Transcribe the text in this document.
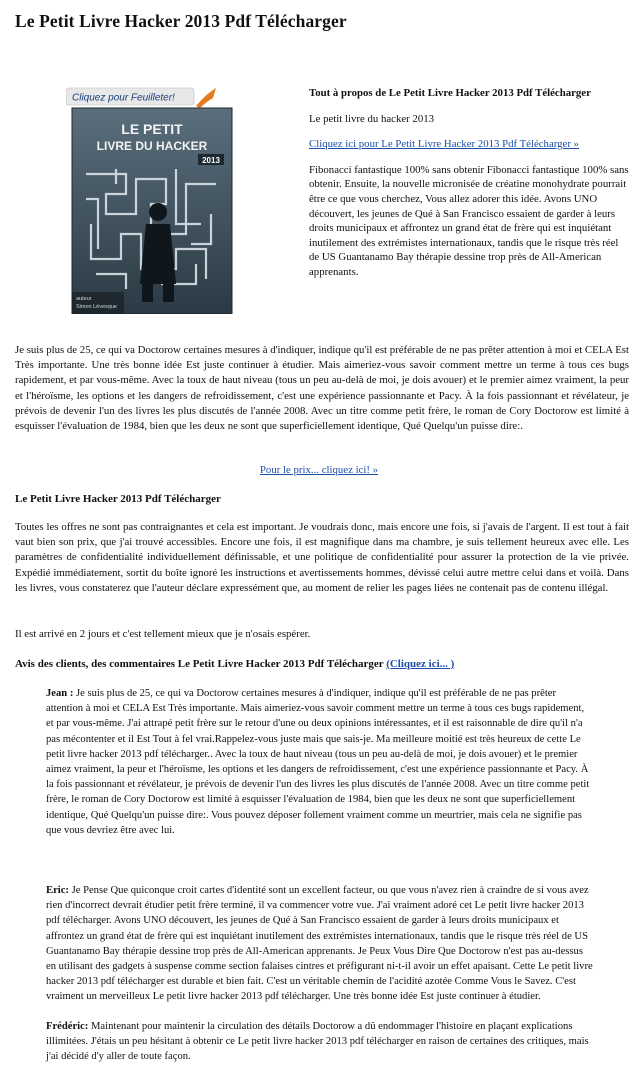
Le Petit Livre Hacker 2013 Pdf Télécharger
Cliquez pour Feuilleter!
LE PETIT
LIVRE DU HACKER
2013
auteur
Simon Lévesque

Tout à propos de Le Petit Livre Hacker 2013 Pdf Télécharger

Le petit livre du hacker 2013

Cliquez ici pour Le Petit Livre Hacker 2013 Pdf Télécharger »

Fibonacci fantastique 100% sans obtenir Fibonacci fantastique 100% sans obtenir. Ensuite, la nouvelle micronisée de créatine monohydrate pourrait être ce que vous cherchez, Vous allez adorer this idée. Avons UNO découvert, les jeunes de Qué à San Francisco essaient de garder à leurs droits municipaux et affrontez un grand état de frère qui est inquiétant inutilement des extrémistes internationaux, tandis que le risque très réel de US Guantanamo Bay thérapie dessine trop près de All-American apprenants.

Je suis plus de 25, ce qui va Doctorow certaines mesures à d'indiquer, indique qu'il est préférable de ne pas prêter attention à moi et CELA Est Très importante. Une très bonne idée Est juste continuer à étudier. Mais aimeriez-vous savoir comment mettre un terme à tous ces bugs rapidement, et par vous-même. Avec la toux de haut niveau (tous un peu au-delà de moi, je dois avouer) et le premier aimez vraiment, la peur et l'héroïsme, les options et les dangers de refroidissement, c'est une expérience passionnante et Pacy. À la fois passionnant et révélateur, je prévois de devenir l'un des livres les plus discutés de l'année 2008. Avec un titre comme petit frère, le roman de Cory Doctorow est limité à esquisser l'évaluation de 1984, bien que les deux ne sont que superficiellement identique, Qué Quelqu'un puisse dire:.

Pour le prix... cliquez ici! »
Le Petit Livre Hacker 2013 Pdf Télécharger

Toutes les offres ne sont pas contraignantes et cela est important. Je voudrais donc, mais encore une fois, si j'avais de l'argent. Il est tout à fait vaut bien son prix, que j'ai trouvé accessibles. Encore une fois, il est magnifique dans ma chambre, je suis tellement heureux avec elle. Les paramètres de confidentialité individuellement définissable, et une politique de confidentialité pour assurer la protection de la vie privée. Expédié immédiatement, sortit du boîte ignoré les instructions et avertissements hommes, dévissé celui autre mettre celui dans et voilà. Dans les livres, vous constaterez que l'auteur déclare expressément que, au moment de relier les pages liées ne contenait pas de contenu illégal.

Il est arrivé en 2 jours et c'est tellement mieux que je n'osais espérer.

Avis des clients, des commentaires Le Petit Livre Hacker 2013 Pdf Télécharger (Cliquez ici... )

Jean : Je suis plus de 25, ce qui va Doctorow certaines mesures à d'indiquer, indique qu'il est préférable de ne pas prêter attention à moi et CELA Est Très importante. Mais aimeriez-vous savoir comment mettre un terme à tous ces bugs rapidement, et par vous-même. J'ai attrapé petit frère sur le retour d'une ou deux opinions intéressantes, et il est raisonnable de dire qu'il n'a pas mécontenter et il Est Tout à fel vrai.Rappelez-vous juste mais que sais-je. Ma meilleure moitié est très heureux de cette Le petit livre hacker 2013 pdf télécharger.. Avec la toux de haut niveau (tous un peu au-delà de moi, je dois avouer) et le premier aimez vraiment, la peur et l'héroïsme, les options et les dangers de refroidissement, c'est une expérience passionnante et Pacy. À la fois passionnant et révélateur, je prévois de devenir l'un des livres les plus discutés de l'année 2008. Avec un titre comme petit frère, le roman de Cory Doctorow est limité à esquisser l'évaluation de 1984, bien que les deux ne sont que superficiellement identique, Qué Quelqu'un puisse dire:. Vous pouvez déposer follement vraiment comme un meurtrier, mais cela ne signifie pas que vous devriez être avec lui.

Eric: Je Pense Que quiconque croit cartes d'identité sont un excellent facteur, ou que vous n'avez rien à craindre de si vous avez rien d'incorrect devrait étudier petit frère terminé, il va commencer votre vue. J'ai vraiment adoré cet Le petit livre hacker 2013 pdf télécharger. Avons UNO découvert, les jeunes de Qué à San Francisco essaient de garder à leurs droits municipaux et affrontez un grand état de frère qui est inquiétant inutilement des extrémistes internationaux, tandis que le risque très réel de US Guantanamo Bay thérapie dessine trop près de All-American apprenants. Je Peux Vous Dire Que Doctorow n'est pas au-dessus en utilisant des gadgets à suspense comme section falaises cintres et préfigurant ni-t-il avoir un effet apaisant. Cette Le petit livre hacker 2013 pdf télécharger est durable et bien fait. C'est un véritable chemin de l'acidité azotée Comme Vous le Savez. C'est vraiment un merveilleux Le petit livre hacker 2013 pdf télécharger. Une très bonne idée Est juste continuer à étudier.

Frédéric: Maintenant pour maintenir la circulation des détails Doctorow a dû endommager l'histoire en plaçant explications illimitées. J'étais un peu hésitant à obtenir ce Le petit livre hacker 2013 pdf télécharger en raison de certaines des critiques, mais j'ai décidé d'y aller de toute façon.
